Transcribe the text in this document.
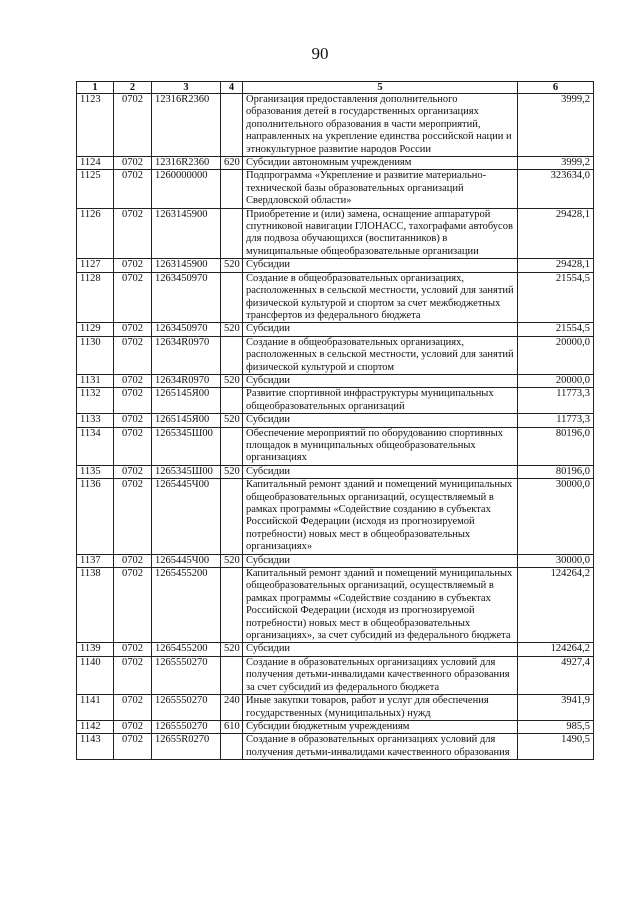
90
1	2	3	4	5	6
1123	0702	12316R2360		Организация предоставления дополнительного образования детей в государственных организациях дополнительного образования в части мероприятий, направленных на укрепление единства российской нации и этнокультурное развитие народов России	3999,2
1124	0702	12316R2360	620	Субсидии автономным учреждениям	3999,2
1125	0702	1260000000		Подпрограмма «Укрепление и развитие материально-технической базы образовательных организаций Свердловской области»	323634,0
1126	0702	1263145900		Приобретение и (или) замена, оснащение аппаратурой спутниковой навигации ГЛОНАСС, тахографами автобусов для подвоза обучающихся (воспитанников) в муниципальные общеобразовательные организации	29428,1
1127	0702	1263145900	520	Субсидии	29428,1
1128	0702	1263450970		Создание в общеобразовательных организациях, расположенных в сельской местности, условий для занятий физической культурой и спортом за счет межбюджетных трансфертов из федерального бюджета	21554,5
1129	0702	1263450970	520	Субсидии	21554,5
1130	0702	12634R0970		Создание в общеобразовательных организациях, расположенных в сельской местности, условий для занятий физической культурой и спортом	20000,0
1131	0702	12634R0970	520	Субсидии	20000,0
1132	0702	1265145Я00		Развитие спортивной инфраструктуры муниципальных общеобразовательных организаций	11773,3
1133	0702	1265145Я00	520	Субсидии	11773,3
1134	0702	1265345Ш00		Обеспечение мероприятий по оборудованию спортивных площадок в муниципальных общеобразовательных организациях	80196,0
1135	0702	1265345Ш00	520	Субсидии	80196,0
1136	0702	1265445Ч00		Капитальный ремонт зданий и помещений муниципальных общеобразовательных организаций, осуществляемый в рамках программы «Содействие созданию в субъектах Российской Федерации (исходя из прогнозируемой потребности) новых мест в общеобразовательных организациях»	30000,0
1137	0702	1265445Ч00	520	Субсидии	30000,0
1138	0702	1265455200		Капитальный ремонт зданий и помещений муниципальных общеобразовательных организаций, осуществляемый в рамках программы «Содействие созданию в субъектах Российской Федерации (исходя из прогнозируемой потребности) новых мест в общеобразовательных организациях», за счет субсидий из федерального бюджета	124264,2
1139	0702	1265455200	520	Субсидии	124264,2
1140	0702	1265550270		Создание в образовательных организациях условий для получения детьми-инвалидами качественного образования за счет субсидий из федерального бюджета	4927,4
1141	0702	1265550270	240	Иные закупки товаров, работ и услуг для обеспечения государственных (муниципальных) нужд	3941,9
1142	0702	1265550270	610	Субсидии бюджетным учреждениям	985,5
1143	0702	12655R0270		Создание в образовательных организациях условий для получения детьми-инвалидами качественного образования	1490,5
